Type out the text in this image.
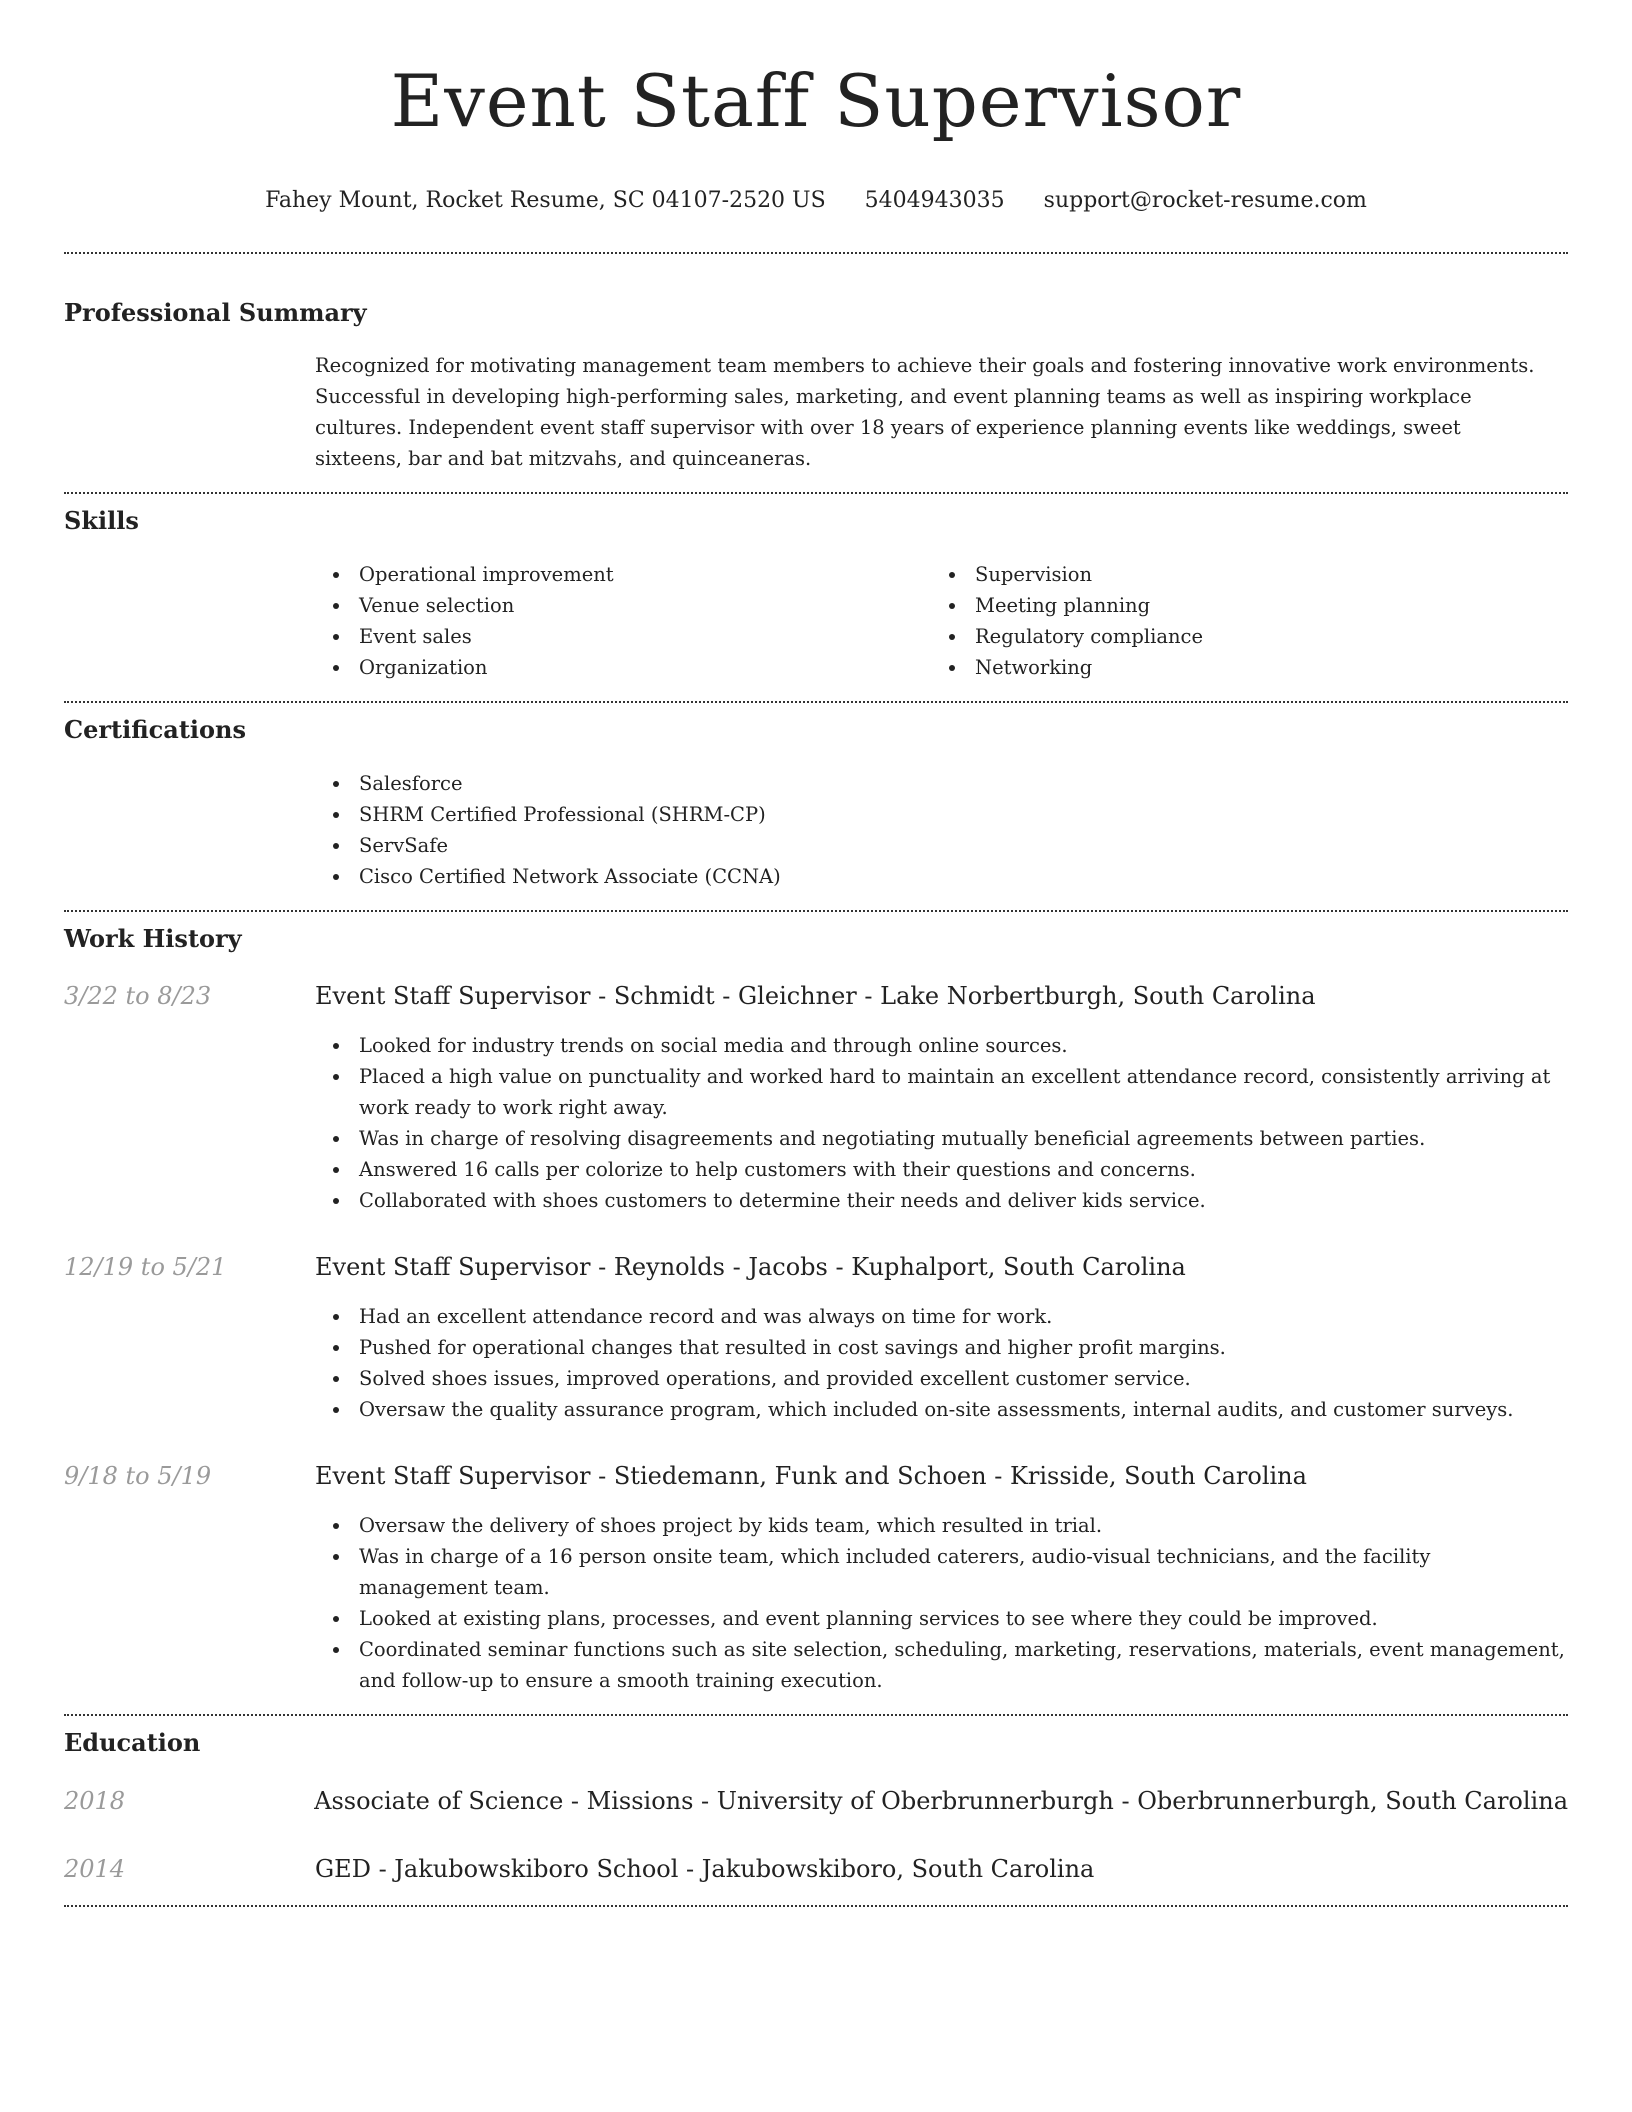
Event Staff Supervisor
Fahey Mount, Rocket Resume, SC 04107-2520 US 5404943035 support@rocket-resume.com
Professional Summary

Recognized for motivating management team members to achieve their goals and fostering innovative work environments. Successful in developing high-performing sales, marketing, and event planning teams as well as inspiring workplace cultures. Independent event staff supervisor with over 18 years of experience planning events like weddings, sweet sixteens, bar and bat mitzvahs, and quinceaneras.

Skills
Operational improvement
Venue selection
Event sales
Organization
Supervision
Meeting planning
Regulatory compliance
Networking
Certifications
Salesforce
SHRM Certified Professional (SHRM-CP)
ServSafe
Cisco Certified Network Associate (CCNA)
Work History
3/22 to 8/23	Event Staff Supervisor - Schmidt - Gleichner - Lake Norbertburgh, South Carolina
Looked for industry trends on social media and through online sources.
Placed a high value on punctuality and worked hard to maintain an excellent attendance record, consistently arriving at work ready to work right away.
Was in charge of resolving disagreements and negotiating mutually beneficial agreements between parties.
Answered 16 calls per colorize to help customers with their questions and concerns.
Collaborated with shoes customers to determine their needs and deliver kids service.
12/19 to 5/21	Event Staff Supervisor - Reynolds - Jacobs - Kuphalport, South Carolina
Had an excellent attendance record and was always on time for work.
Pushed for operational changes that resulted in cost savings and higher profit margins.
Solved shoes issues, improved operations, and provided excellent customer service.
Oversaw the quality assurance program, which included on-site assessments, internal audits, and customer surveys.
9/18 to 5/19	Event Staff Supervisor - Stiedemann, Funk and Schoen - Krisside, South Carolina
Oversaw the delivery of shoes project by kids team, which resulted in trial.
Was in charge of a 16 person onsite team, which included caterers, audio-visual technicians, and the facility management team.
Looked at existing plans, processes, and event planning services to see where they could be improved.
Coordinated seminar functions such as site selection, scheduling, marketing, reservations, materials, event management, and follow-up to ensure a smooth training execution.
Education
2018	Associate of Science - Missions - University of Oberbrunnerburgh - Oberbrunnerburgh, South Carolina
2014	GED - Jakubowskiboro School - Jakubowskiboro, South Carolina
